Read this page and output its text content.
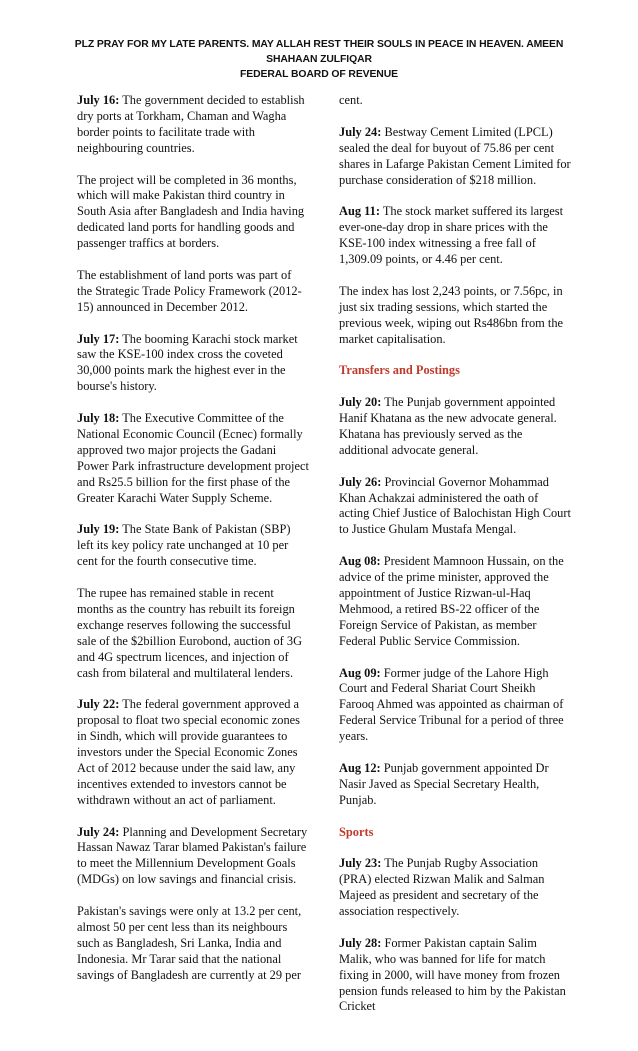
PLZ PRAY FOR MY LATE PARENTS. MAY ALLAH REST THEIR SOULS IN PEACE IN HEAVEN. AMEEN
SHAHAAN ZULFIQAR
FEDERAL BOARD OF REVENUE

July 16: The government decided to establish dry ports at Torkham, Chaman and Wagha border points to facilitate trade with neighbouring countries.

The project will be completed in 36 months, which will make Pakistan third country in South Asia after Bangladesh and India having dedicated land ports for handling goods and passenger traffics at borders.

The establishment of land ports was part of the Strategic Trade Policy Framework (2012-15) announced in December 2012.

July 17: The booming Karachi stock market saw the KSE-100 index cross the coveted 30,000 points mark the highest ever in the bourse's history.

July 18: The Executive Committee of the National Economic Council (Ecnec) formally approved two major projects the Gadani Power Park infrastructure development project and Rs25.5 billion for the first phase of the Greater Karachi Water Supply Scheme.

July 19: The State Bank of Pakistan (SBP) left its key policy rate unchanged at 10 per cent for the fourth consecutive time.

The rupee has remained stable in recent months as the country has rebuilt its foreign exchange reserves following the successful sale of the $2billion Eurobond, auction of 3G and 4G spectrum licences, and injection of cash from bilateral and multilateral lenders.

July 22: The federal government approved a proposal to float two special economic zones in Sindh, which will provide guarantees to investors under the Special Economic Zones Act of 2012 because under the said law, any incentives extended to investors cannot be withdrawn without an act of parliament.

July 24: Planning and Development Secretary Hassan Nawaz Tarar blamed Pakistan's failure to meet the Millennium Development Goals (MDGs) on low savings and financial crisis.

Pakistan's savings were only at 13.2 per cent, almost 50 per cent less than its neighbours such as Bangladesh, Sri Lanka, India and Indonesia. Mr Tarar said that the national savings of Bangladesh are currently at 29 per

cent.

July 24: Bestway Cement Limited (LPCL) sealed the deal for buyout of 75.86 per cent shares in Lafarge Pakistan Cement Limited for purchase consideration of $218 million.

Aug 11: The stock market suffered its largest ever-one-day drop in share prices with the KSE-100 index witnessing a free fall of 1,309.09 points, or 4.46 per cent.

The index has lost 2,243 points, or 7.56pc, in just six trading sessions, which started the previous week, wiping out Rs486bn from the market capitalisation.

Transfers and Postings

July 20: The Punjab government appointed Hanif Khatana as the new advocate general. Khatana has previously served as the additional advocate general.

July 26: Provincial Governor Mohammad Khan Achakzai administered the oath of acting Chief Justice of Balochistan High Court to Justice Ghulam Mustafa Mengal.

Aug 08: President Mamnoon Hussain, on the advice of the prime minister, approved the appointment of Justice Rizwan-ul-Haq Mehmood, a retired BS-22 officer of the Foreign Service of Pakistan, as member Federal Public Service Commission.

Aug 09: Former judge of the Lahore High Court and Federal Shariat Court Sheikh Farooq Ahmed was appointed as chairman of Federal Service Tribunal for a period of three years.

Aug 12: Punjab government appointed Dr Nasir Javed as Special Secretary Health, Punjab.

Sports

July 23: The Punjab Rugby Association (PRA) elected Rizwan Malik and Salman Majeed as president and secretary of the association respectively.

July 28: Former Pakistan captain Salim Malik, who was banned for life for match fixing in 2000, will have money from frozen pension funds released to him by the Pakistan Cricket
